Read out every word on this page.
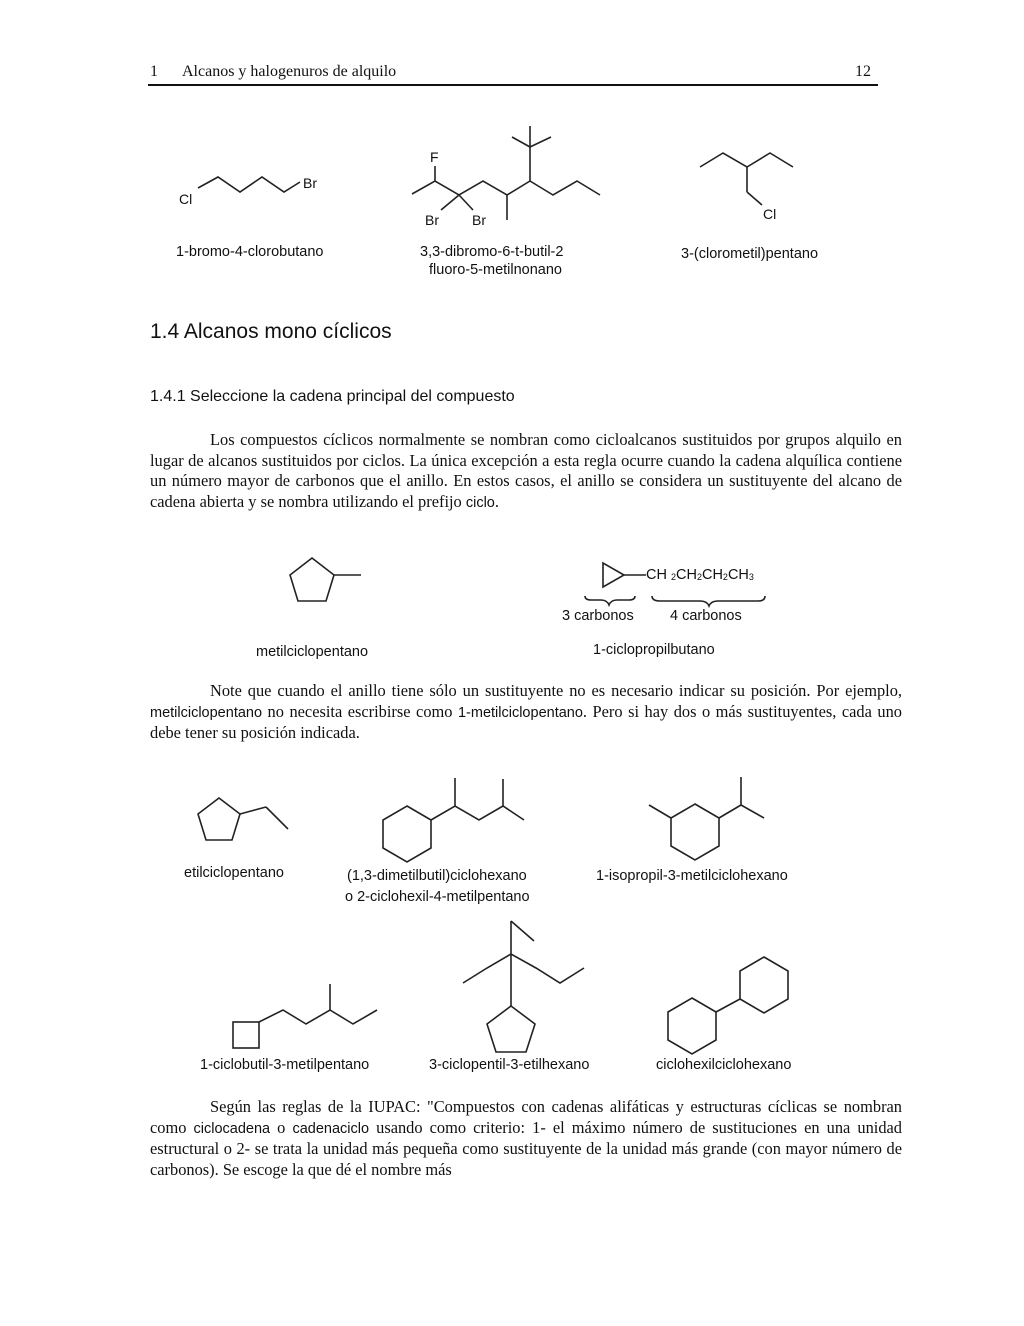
1 Alcanos y halogenuros de alquilo	12
Cl
Br
F
Br Br	Cl
1-bromo-4-clorobutano	3,3-dibromo-6-t-butil-2
fluoro-5-metilnonano
3-(clorometil)pentano
1.4 Alcanos mono cíclicos
1.4.1 Seleccione la cadena principal del compuesto

Los compuestos cíclicos normalmente se nombran como cicloalcanos sustituidos por grupos alquilo en lugar de alcanos sustituidos por ciclos. La única excepción a esta regla ocurre cuando la cadena alquílica contiene un número mayor de carbonos que el anillo. En estos casos, el anillo se considera un sustituyente del alcano de cadena abierta y se nombra utilizando el prefijo ciclo.

CH $_2CH_2CH_2CH_3$
3 carbonos	4 carbonos
metilciclopentano	1-ciclopropilbutano

Note que cuando el anillo tiene sólo un sustituyente no es necesario indicar su posición. Por ejemplo, metilciclopentano no necesita escribirse como 1-metilciclopentano. Pero si hay dos o más sustituyentes, cada uno debe tener su posición indicada.

etilciclopentano	(1,3-dimetilbutil)ciclohexano
o 2-ciclohexil-4-metilpentano
1-isopropil-3-metilciclohexano
1-ciclobutil-3-metilpentano	3-ciclopentil-3-etilhexano	ciclohexilciclohexano

Según las reglas de la IUPAC: "Compuestos con cadenas alifáticas y estructuras cíclicas se nombran como ciclocadena o cadenaciclo usando como criterio: 1- el máximo número de sustituciones en una unidad estructural o 2- se trata la unidad más pequeña como sustituyente de la unidad más grande (con mayor número de carbonos). Se escoge la que dé el nombre más
